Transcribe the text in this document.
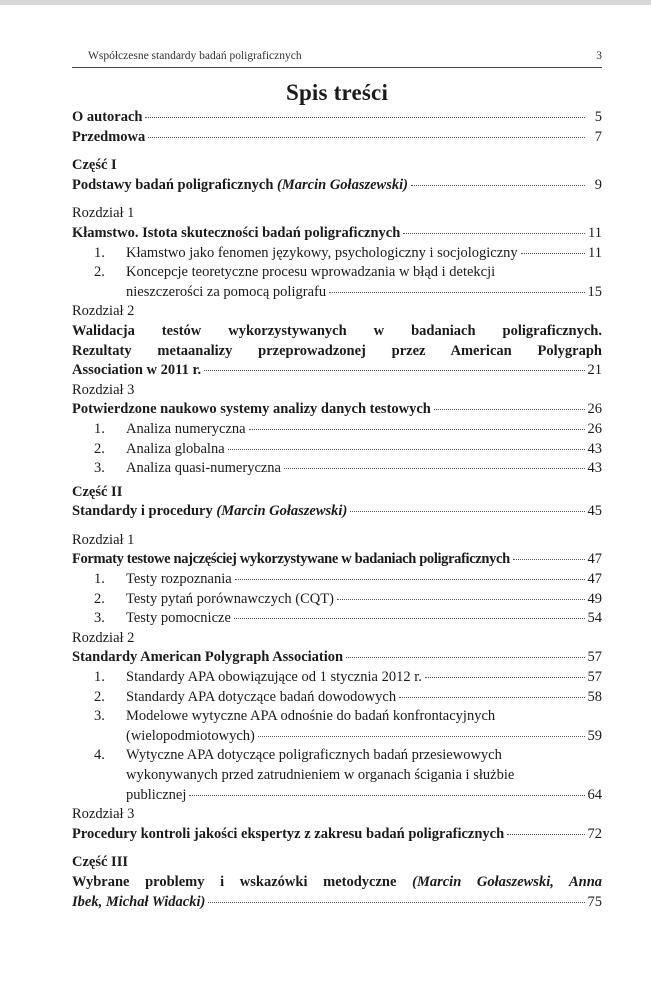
Współczesne standardy badań poligraficznych	3
Spis treści
O autorach	5
Przedmowa	7
Część I
Podstawy badań poligraficznych (Marcin Gołaszewski)	9
Rozdział 1
Kłamstwo. Istota skuteczności badań poligraficznych	11
1. Kłamstwo jako fenomen językowy, psychologiczny i socjologiczny	11
2. Koncepcje teoretyczne procesu wprowadzania w błąd i detekcji
nieszczerości za pomocą poligrafu	15
Rozdział 2
Walidacja testów wykorzystywanych w badaniach poligraficznych.
Rezultaty metaanalizy przeprowadzonej przez American Polygraph
Association w 2011 r.	21
Rozdział 3
Potwierdzone naukowo systemy analizy danych testowych	26
1. Analiza numeryczna	26
2. Analiza globalna	43
3. Analiza quasi-numeryczna	43
Część II
Standardy i procedury (Marcin Gołaszewski)	45
Rozdział 1
Formaty testowe najczęściej wykorzystywane w badaniach poligraficznych	47
1. Testy rozpoznania	47
2. Testy pytań porównawczych (CQT)	49
3. Testy pomocnicze	54
Rozdział 2
Standardy American Polygraph Association	57
1. Standardy APA obowiązujące od 1 stycznia 2012 r.	57
2. Standardy APA dotyczące badań dowodowych	58
3. Modelowe wytyczne APA odnośnie do badań konfrontacyjnych
(wielopodmiotowych)	59
4. Wytyczne APA dotyczące poligraficznych badań przesiewowych
wykonywanych przed zatrudnieniem w organach ścigania i służbie
publicznej	64
Rozdział 3
Procedury kontroli jakości ekspertyz z zakresu badań poligraficznych	72
Część III
Wybrane problemy i wskazówki metodyczne (Marcin Gołaszewski, Anna
Ibek, Michał Widacki)	75
